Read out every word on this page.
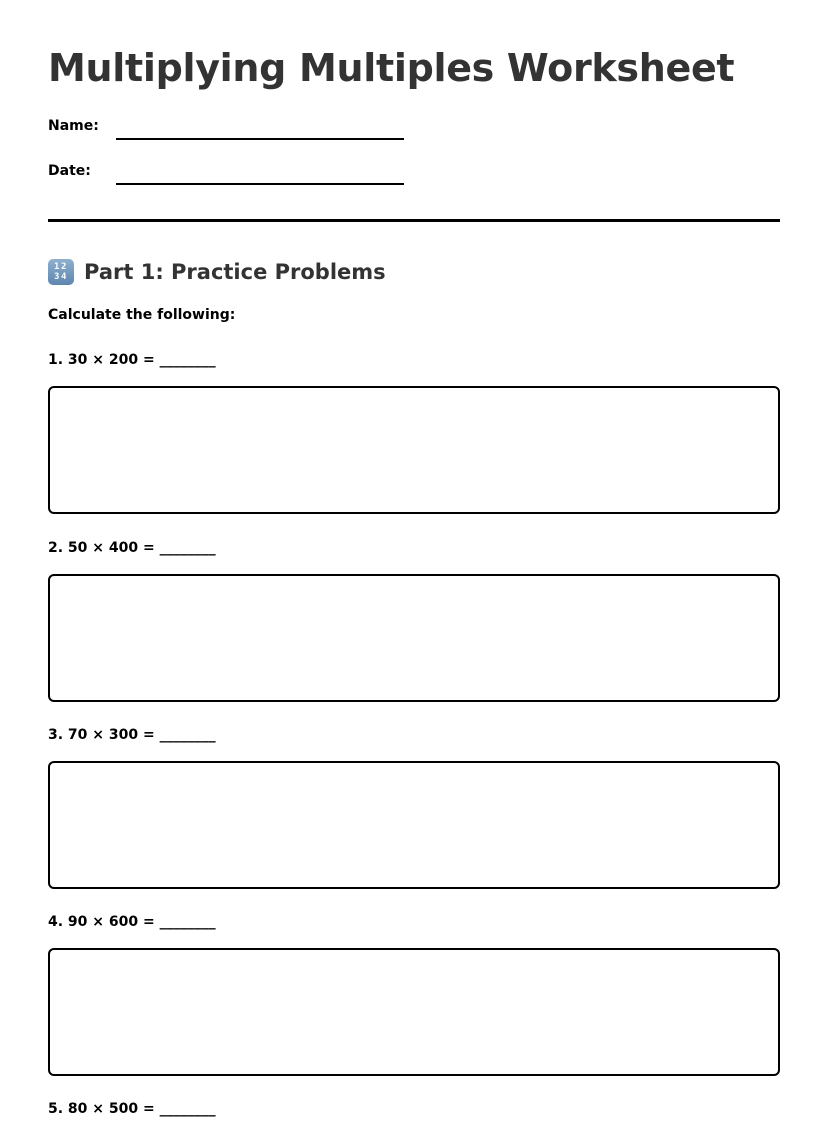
Multiplying Multiples Worksheet
Name:
Date:
1 2
3 4 Part 1: Practice Problems
Calculate the following:
1. 30 × 200 = ________
2. 50 × 400 = ________
3. 70 × 300 = ________
4. 90 × 600 = ________
5. 80 × 500 = ________
